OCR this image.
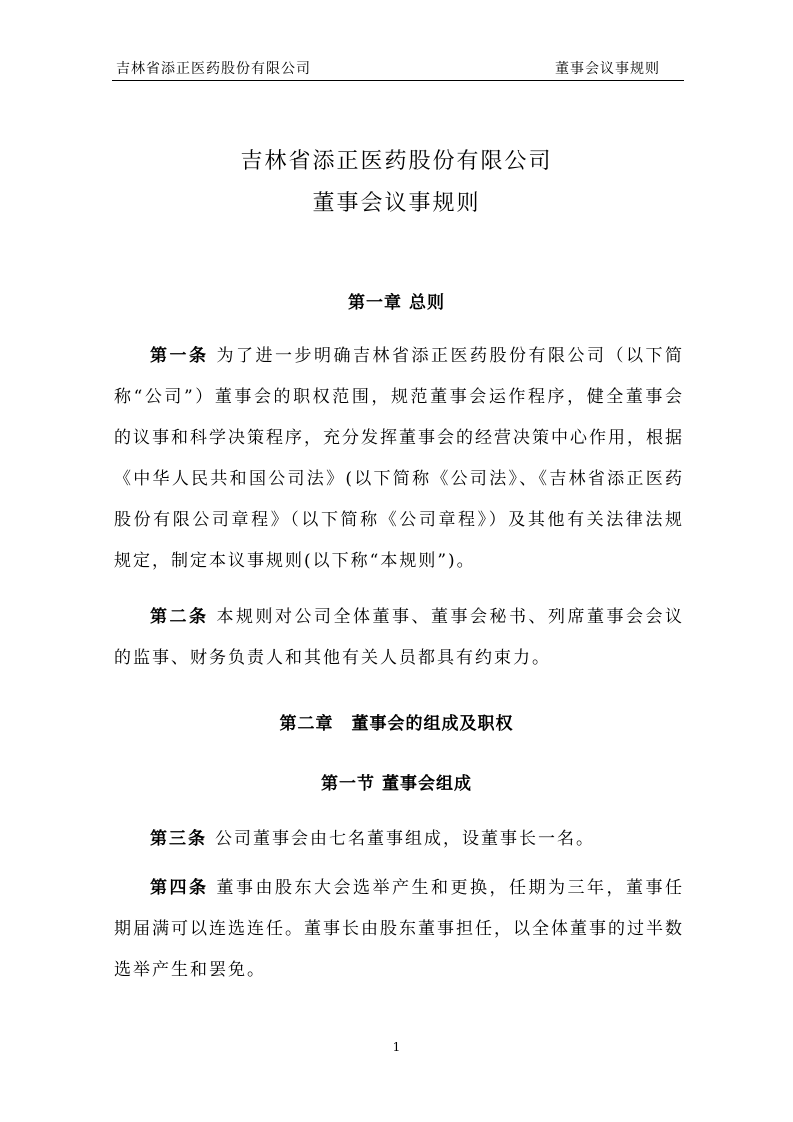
吉林省添正医药股份有限公司	董事会议事规则
吉林省添正医药股份有限公司
董事会议事规则
第一章 总则

第一条 为了进一步明确吉林省添正医药股份有限公司（以下简称“公司”）董事会的职权范围，规范董事会运作程序，健全董事会的议事和科学决策程序，充分发挥董事会的经营决策中心作用，根据《中华人民共和国公司法》(以下简称《公司法》、《吉林省添正医药股份有限公司章程》（以下简称《公司章程》）及其他有关法律法规规定，制定本议事规则(以下称“本规则”)。

第二条 本规则对公司全体董事、董事会秘书、列席董事会会议的监事、财务负责人和其他有关人员都具有约束力。

第二章　董事会的组成及职权
第一节 董事会组成

第三条 公司董事会由七名董事组成，设董事长一名。

第四条 董事由股东大会选举产生和更换，任期为三年，董事任期届满可以连选连任。董事长由股东董事担任，以全体董事的过半数选举产生和罢免。

1
